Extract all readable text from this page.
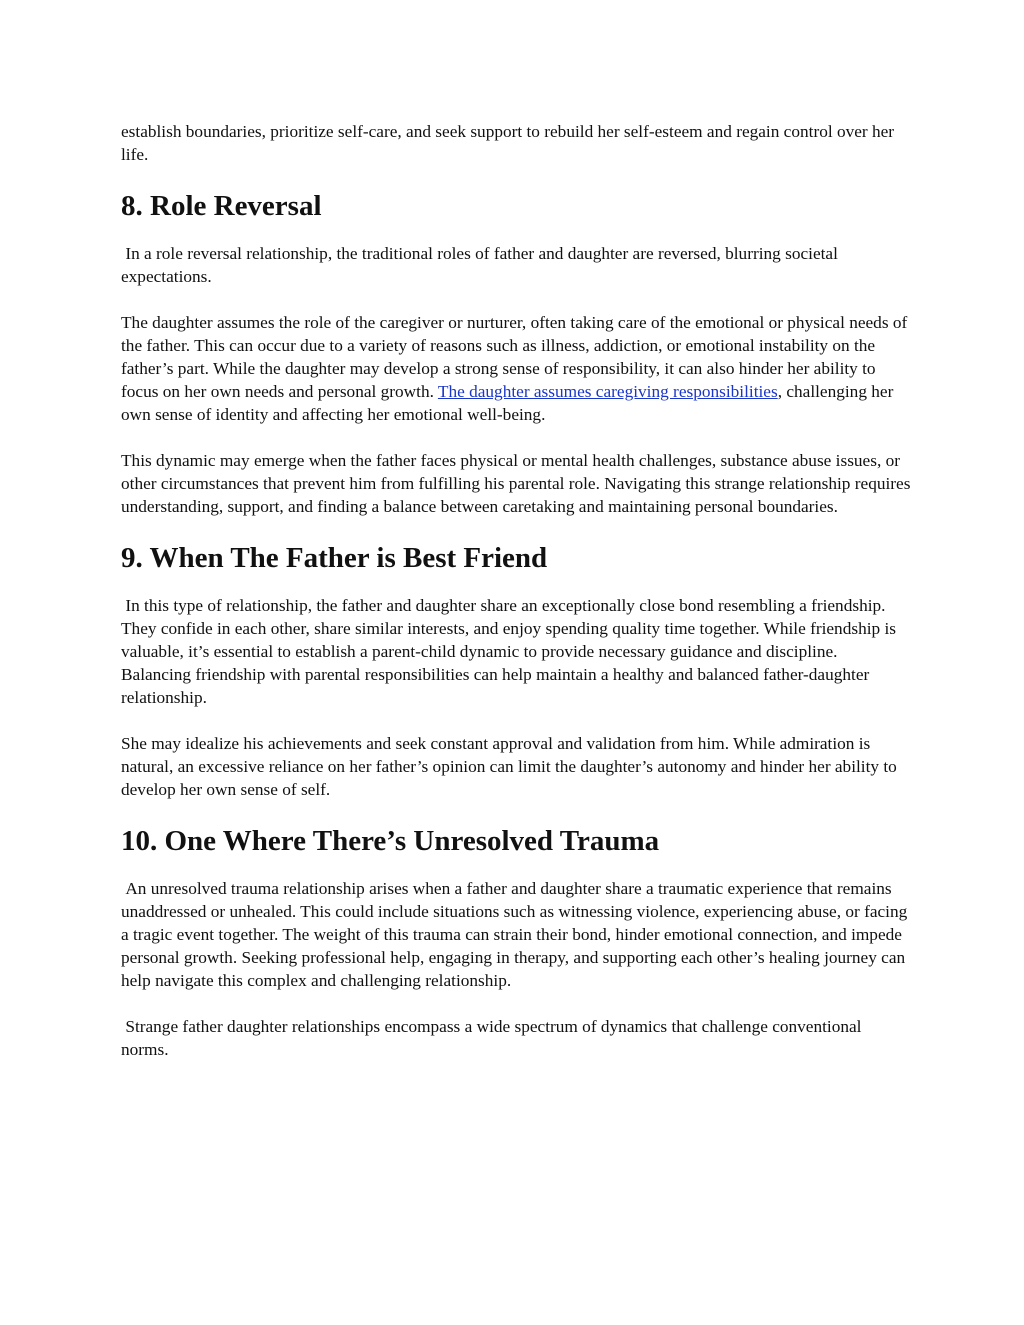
establish boundaries, prioritize self-care, and seek support to rebuild her self-esteem and regain control over her life.

8. Role Reversal

In a role reversal relationship, the traditional roles of father and daughter are reversed, blurring societal expectations.

The daughter assumes the role of the caregiver or nurturer, often taking care of the emotional or physical needs of the father. This can occur due to a variety of reasons such as illness, addiction, or emotional instability on the father’s part. While the daughter may develop a strong sense of responsibility, it can also hinder her ability to focus on her own needs and personal growth. The daughter assumes caregiving responsibilities, challenging her own sense of identity and affecting her emotional well-being.

This dynamic may emerge when the father faces physical or mental health challenges, substance abuse issues, or other circumstances that prevent him from fulfilling his parental role. Navigating this strange relationship requires understanding, support, and finding a balance between caretaking and maintaining personal boundaries.

9. When The Father is Best Friend

In this type of relationship, the father and daughter share an exceptionally close bond resembling a friendship. They confide in each other, share similar interests, and enjoy spending quality time together. While friendship is valuable, it’s essential to establish a parent-child dynamic to provide necessary guidance and discipline. Balancing friendship with parental responsibilities can help maintain a healthy and balanced father-daughter relationship.

She may idealize his achievements and seek constant approval and validation from him. While admiration is natural, an excessive reliance on her father’s opinion can limit the daughter’s autonomy and hinder her ability to develop her own sense of self.

10. One Where There’s Unresolved Trauma

An unresolved trauma relationship arises when a father and daughter share a traumatic experience that remains unaddressed or unhealed. This could include situations such as witnessing violence, experiencing abuse, or facing a tragic event together. The weight of this trauma can strain their bond, hinder emotional connection, and impede personal growth. Seeking professional help, engaging in therapy, and supporting each other’s healing journey can help navigate this complex and challenging relationship.

Strange father daughter relationships encompass a wide spectrum of dynamics that challenge conventional norms.
